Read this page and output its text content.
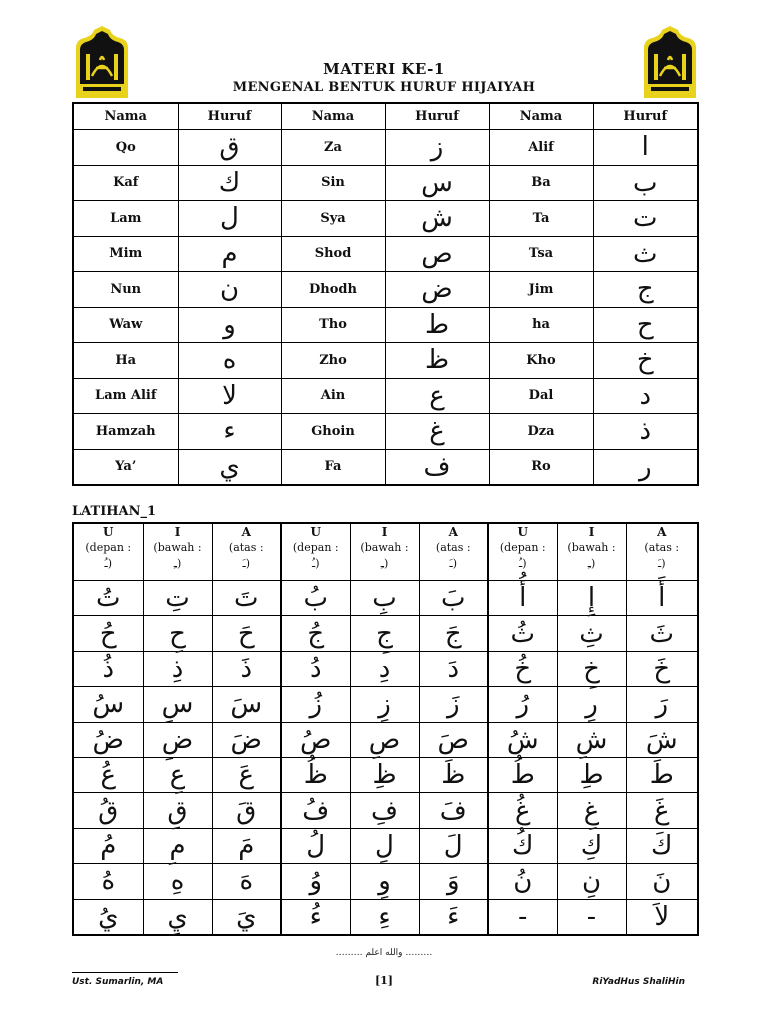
MATERI KE-1
MENGENAL BENTUK HURUF HIJAIYAH
Nama	Huruf	Nama	Huruf	Nama	Huruf
Qo	ق	Za	ز	Alif	ا
Kaf	ك	Sin	س	Ba	ب
Lam	ل	Sya	ش	Ta	ت
Mim	م	Shod	ص	Tsa	ث
Nun	ن	Dhodh	ض	Jim	ج
Waw	و	Tho	ط	ha	ح
Ha	ه	Zho	ظ	Kho	خ
Lam Alif	لا	Ain	ع	Dal	د
Hamzah	ء	Ghoin	غ	Dza	ذ
Ya’	ي	Fa	ف	Ro	ر
LATIHAN_1
U
(depan :
ـُ)	I
(bawah :
ـِ)	A
(atas :
ـَ)	U
(depan :
ـُ)	I
(bawah :
ـِ)	A
(atas :
ـَ)	U
(depan :
ـُ)	I
(bawah :
ـِ)	A
(atas :
ـَ)

تُ	تِ	تَ	بُ	بِ	بَ	أُ	إِ	أَ
حُ	حِ	حَ	جُ	جِ	جَ	ثُ	ثِ	ثَ
ذُ	ذِ	ذَ	دُ	دِ	دَ	خُ	خِ	خَ
سُ	سِ	سَ	زُ	زِ	زَ	رُ	رِ	رَ
ضُ	ضِ	ضَ	صُ	صِ	صَ	شُ	شِ	شَ
عُ	عِ	عَ	ظُ	ظِ	ظَ	طُ	طِ	طَ
قُ	قِ	قَ	فُ	فِ	فَ	غُ	غِ	غَ
مُ	مِ	مَ	لُ	لِ	لَ	كُ	كِ	كَ
هُ	هِ	هَ	وُ	وِ	وَ	نُ	نِ	نَ
يُ	يِ	يَ	ءُ	ءِ	ءَ	-	-	لاَ
……… والله اعلم ………
Ust. Sumarlin, MA	[1]	RiYadHus ShaliHin
